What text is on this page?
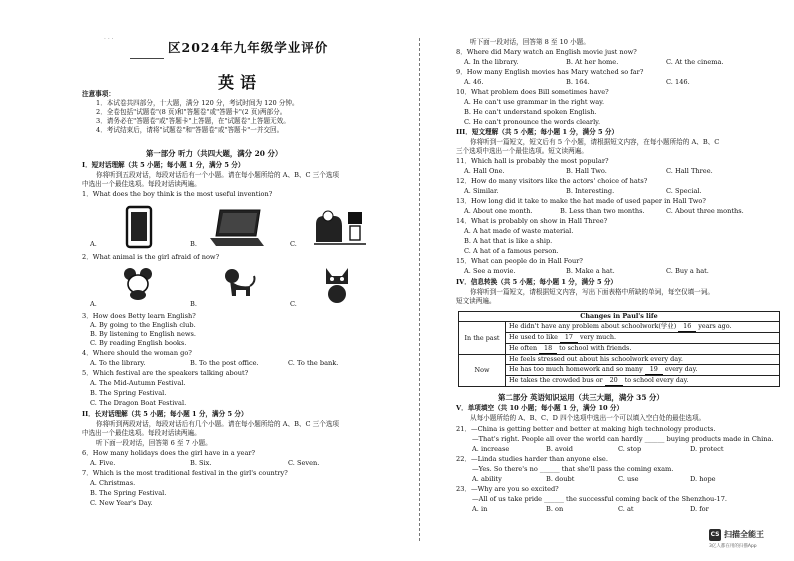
· · ·
区2024年九年级学业评价
英语
注意事项：
1．本试卷共四部分，十大题，满分 120 分，考试时间为 120 分钟。
2．全卷包括"试题卷"(8 页)和"答题卷"或"答题卡"(2 页)两部分。
3．请务必在"答题卷"或"答题卡"上答题，在"试题卷"上答题无效。
4．考试结束后，请将"试题卷"和"答题卷"或"答题卡"一并交回。
第一部分 听力（共四大题，满分 20 分）
I．短对话理解（共 5 小题；每小题 1 分，满分 5 分）
你将听到五段对话，每段对话后有一个小题。请在每小题所给的 A、B、C 三个选项
中选出一个最佳选项。每段对话读两遍。
1．What does the boy think is the most useful invention?
A.	B.	C.
2．What animal is the girl afraid of now?
A.	B.	C.
3．How does Betty learn English?
A. By going to the English club.
B. By listening to English news.
C. By reading English books.
4．Where should the woman go?
A. To the library.	B. To the post office.	C. To the bank.
5．Which festival are the speakers talking about?
A. The Mid-Autumn Festival.
B. The Spring Festival.
C. The Dragon Boat Festival.
II．长对话理解（共 5 小题；每小题 1 分，满分 5 分）
你将听到两段对话，每段对话后有几个小题。请在每小题所给的 A、B、C 三个选项
中选出一个最佳选项。每段对话读两遍。
听下面一段对话，回答第 6 至 7 小题。
6．How many holidays does the girl have in a year?
A. Five.	B. Six.	C. Seven.
7．Which is the most traditional festival in the girl's country?
A. Christmas.
B. The Spring Festival.
C. New Year's Day.
听下面一段对话，回答第 8 至 10 小题。
8．Where did Mary watch an English movie just now?
A. In the library.	B. At her home.	C. At the cinema.
9．How many English movies has Mary watched so far?
A. 46.	B. 164.	C. 146.
10．What problem does Bill sometimes have?
A. He can't use grammar in the right way.
B. He can't understand spoken English.
C. He can't pronounce the words clearly.
III．短文理解（共 5 小题；每小题 1 分，满分 5 分）
你将听到一篇短文，短文后有 5 个小题，请根据短文内容，在每小题所给的 A、B、C
三个选项中选出一个最佳选项。短文读两遍。
11．Which hall is probably the most popular?
A. Hall One.	B. Hall Two.	C. Hall Three.
12．How do many visitors like the actors' choice of hats?
A. Similar.	B. Interesting.	C. Special.
13．How long did it take to make the hat made of used paper in Hall Two?
A. About one month.	B. Less than two months.	C. About three months.
14．What is probably on show in Hall Three?
A. A hat made of waste material.
B. A hat that is like a ship.
C. A hat of a famous person.
15．What can people do in Hall Four?
A. See a movie.	B. Make a hat.	C. Buy a hat.
IV．信息转换（共 5 小题；每小题 1 分，满分 5 分）
你将听到一篇短文，请根据短文内容，写出下面表格中所缺的单词，每空仅填一词。
短文读两遍。
Changes in Paul's life	
In the past	He didn't have any problem about schoolwork(学业) 16 years ago.
	He used to like 17 very much.
	He often 18 to school with friends.
Now	He feels stressed out about his schoolwork every day.
	He has too much homework and so many 19 every day.
	He takes the crowded bus or 20 to school every day.
第二部分 英语知识运用（共三大题，满分 35 分）
V．单项填空（共 10 小题；每小题 1 分，满分 10 分）
从每小题所给的 A、B、C、D 四个选项中选出一个可以填入空白处的最佳选项。
21．—China is getting better and better at making high technology products.
—That's right. People all over the world can hardly ______ buying products made in China.
A. increase	B. avoid	C. stop	D. protect
22．—Linda studies harder than anyone else.
—Yes. So there's no ______ that she'll pass the coming exam.
A. ability	B. doubt	C. use	D. hope
23．—Why are you so excited?
—All of us take pride ______ the successful coming back of the Shenzhou-17.
A. in	B. on	C. at	D. for
CS 扫描全能王
3亿人都在用的扫描App
